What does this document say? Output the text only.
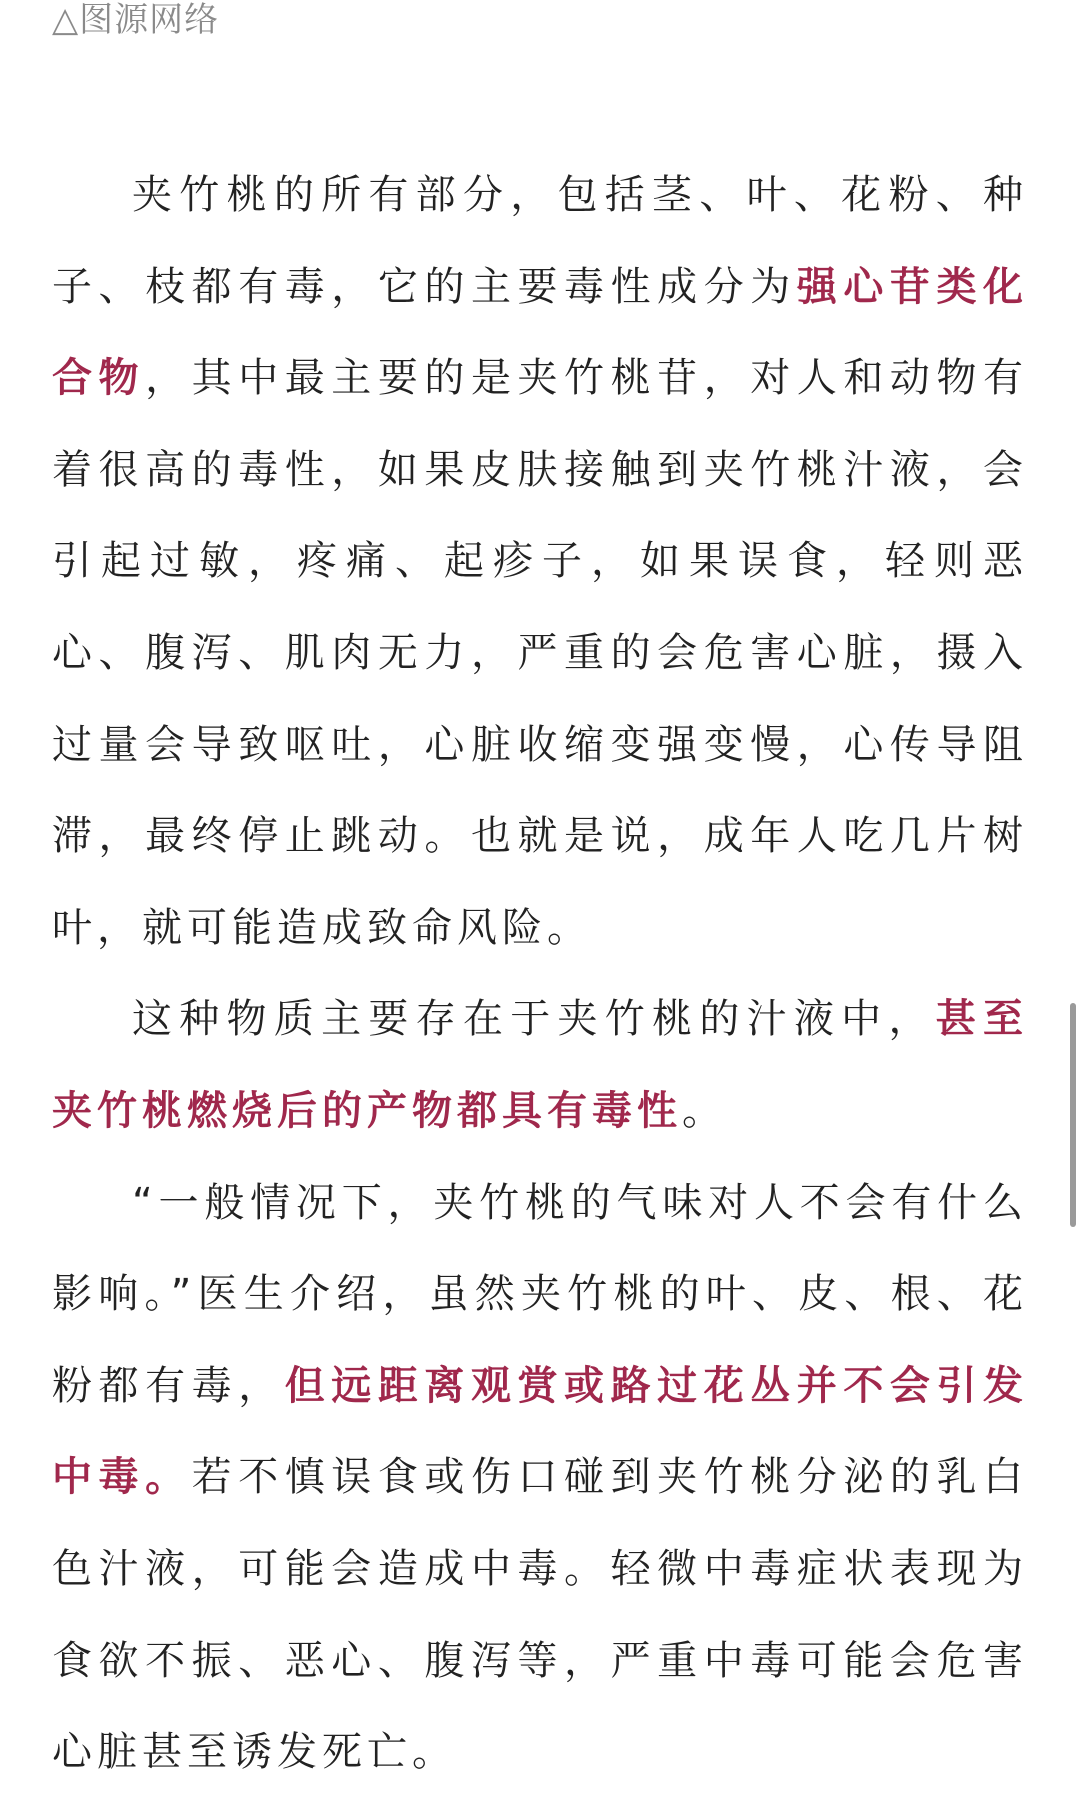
△图源网络

夹竹桃的所有部分，包括茎、叶、花粉、种子、枝都有毒，它的主要毒性成分为强心苷类化合物，其中最主要的是夹竹桃苷，对人和动物有着很高的毒性，如果皮肤接触到夹竹桃汁液，会引起过敏，疼痛、起疹子，如果误食，轻则恶心、腹泻、肌肉无力，严重的会危害心脏，摄入过量会导致呕吐，心脏收缩变强变慢，心传导阻滞，最终停止跳动。也就是说，成年人吃几片树叶，就可能造成致命风险。

这种物质主要存在于夹竹桃的汁液中，甚至夹竹桃燃烧后的产物都具有毒性。

“一般情况下，夹竹桃的气味对人不会有什么影响。”医生介绍，虽然夹竹桃的叶、皮、根、花粉都有毒，但远距离观赏或路过花丛并不会引发中毒。若不慎误食或伤口碰到夹竹桃分泌的乳白色汁液，可能会造成中毒。轻微中毒症状表现为食欲不振、恶心、腹泻等，严重中毒可能会危害心脏甚至诱发死亡。
